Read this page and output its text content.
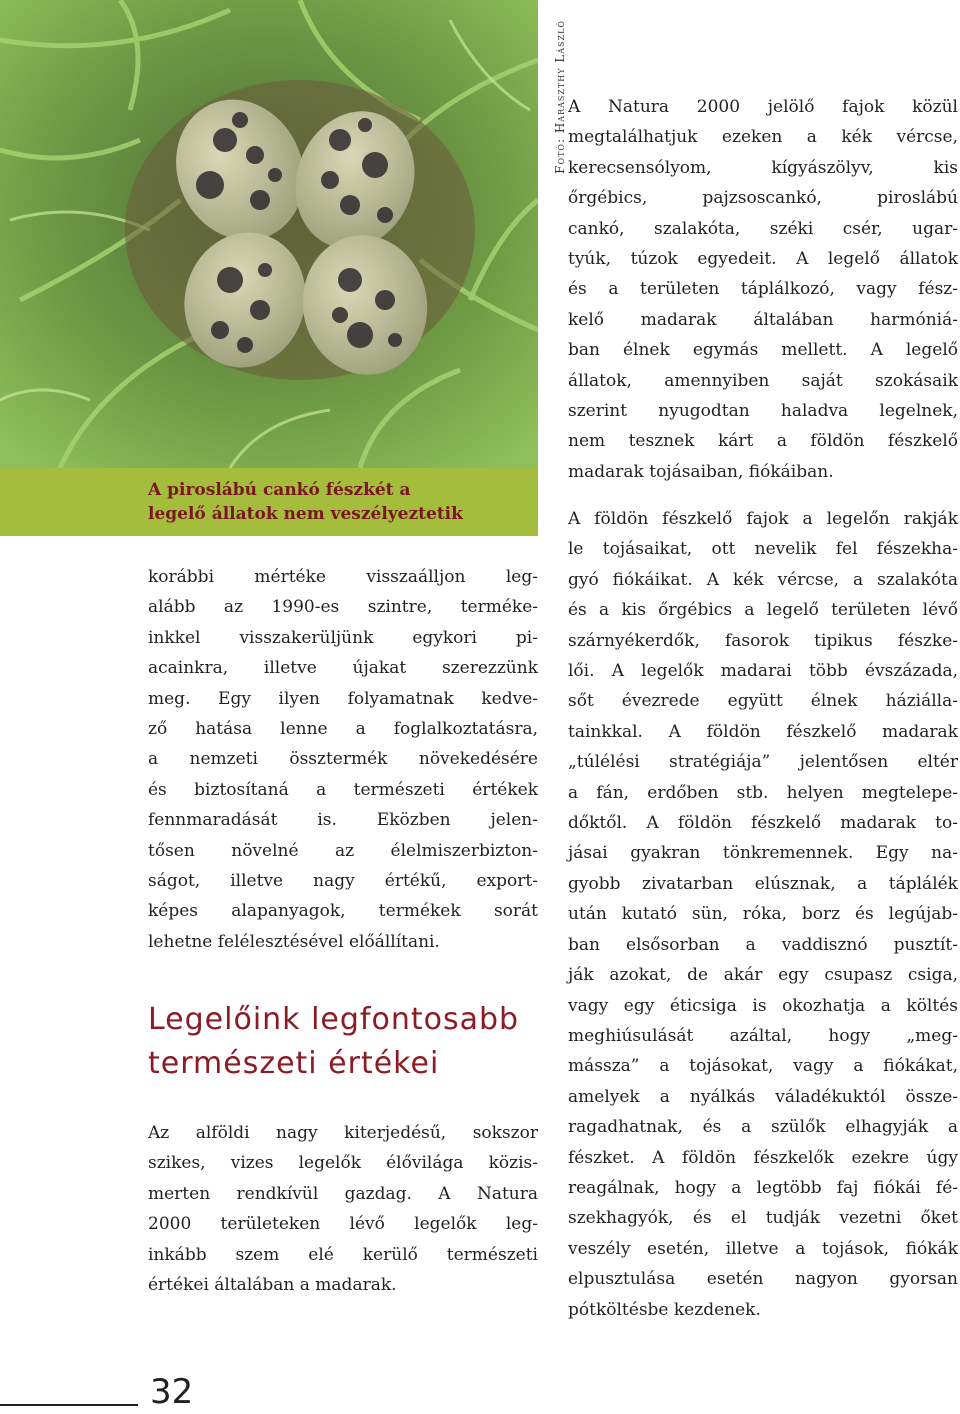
A piroslábú cankó fészkét a
legelő állatok nem veszélyeztetik
Fotó: Haraszthy László A Natura 2000 jelölő fajok közül
megtalálhatjuk ezeken a kék vércse,
kerecsensólyom, kígyászölyv, kis
őrgébics, pajzsoscankó, piroslábú
cankó, szalakóta, széki csér, ugar-
tyúk, túzok egyedeit. A legelő állatok
és a területen táplálkozó, vagy fész-
kelő madarak általában harmóniá-
ban élnek egymás mellett. A legelő
állatok, amennyiben saját szokásaik
szerint nyugodtan haladva legelnek,
nem tesznek kárt a földön fészkelő
madarak tojásaiban, fiókáiban.
A földön fészkelő fajok a legelőn rakják
le tojásaikat, ott nevelik fel fészekha-
gyó fiókáikat. A kék vércse, a szalakóta
és a kis őrgébics a legelő területen lévő
szárnyékerdők, fasorok tipikus fészke-
lői. A legelők madarai több évszázada,
sőt évezrede együtt élnek háziálla-
tainkkal. A földön fészkelő madarak
„túlélési stratégiája” jelentősen eltér
a fán, erdőben stb. helyen megtelepe-
dőktől. A földön fészkelő madarak to-
jásai gyakran tönkremennek. Egy na-
gyobb zivatarban elúsznak, a táplálék
után kutató sün, róka, borz és legújab-
ban elsősorban a vaddisznó pusztít-
ják azokat, de akár egy csupasz csiga,
vagy egy éticsiga is okozhatja a költés
meghiúsulását azáltal, hogy „meg-
mássza” a tojásokat, vagy a fiókákat,
amelyek a nyálkás váladékuktól össze-
ragadhatnak, és a szülők elhagyják a
fészket. A földön fészkelők ezekre úgy
reagálnak, hogy a legtöbb faj fiókái fé-
szekhagyók, és el tudják vezetni őket
veszély esetén, illetve a tojások, fiókák
elpusztulása esetén nagyon gyorsan
pótköltésbe kezdenek.
korábbi mértéke visszaálljon leg-
alább az 1990-es szintre, terméke-
inkkel visszakerüljünk egykori pi-
acainkra, illetve újakat szerezzünk
meg. Egy ilyen folyamatnak kedve-
ző hatása lenne a foglalkoztatásra,
a nemzeti össztermék növekedésére
és biztosítaná a természeti értékek
fennmaradását is. Eközben jelen-
tősen növelné az élelmiszerbizton-
ságot, illetve nagy értékű, export-
képes alapanyagok, termékek sorát
lehetne felélesztésével előállítani.
Legelőink legfontosabb
természeti értékei
Az alföldi nagy kiterjedésű, sokszor
szikes, vizes legelők élővilága közis-
merten rendkívül gazdag. A Natura
2000 területeken lévő legelők leg-
inkább szem elé kerülő természeti
értékei általában a madarak.
32
